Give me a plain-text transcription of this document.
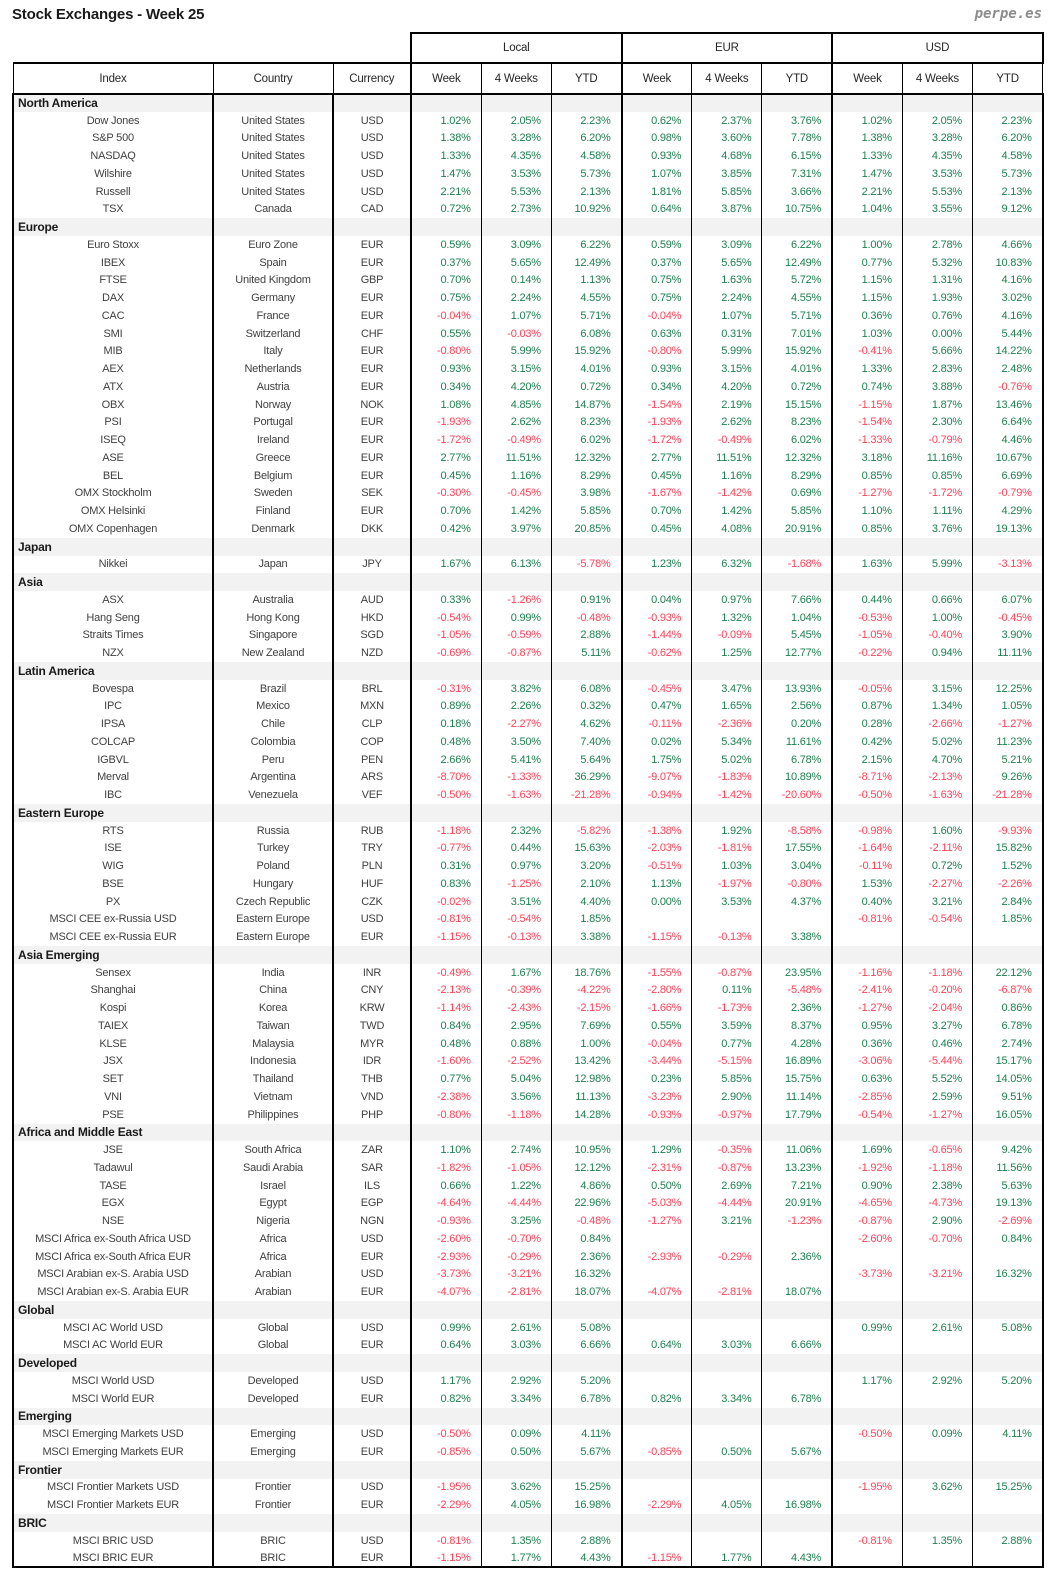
Stock Exchanges - Week 25	perpe.es
			Local			EUR			USD		
Index	Country	Currency	Week	4 Weeks	YTD	Week	4 Weeks	YTD	Week	4 Weeks	YTD
North America											
Dow Jones	United States	USD	1.02%	2.05%	2.23%	0.62%	2.37%	3.76%	1.02%	2.05%	2.23%
S&P 500	United States	USD	1.38%	3.28%	6.20%	0.98%	3.60%	7.78%	1.38%	3.28%	6.20%
NASDAQ	United States	USD	1.33%	4.35%	4.58%	0.93%	4.68%	6.15%	1.33%	4.35%	4.58%
Wilshire	United States	USD	1.47%	3.53%	5.73%	1.07%	3.85%	7.31%	1.47%	3.53%	5.73%
Russell	United States	USD	2.21%	5.53%	2.13%	1.81%	5.85%	3.66%	2.21%	5.53%	2.13%
TSX	Canada	CAD	0.72%	2.73%	10.92%	0.64%	3.87%	10.75%	1.04%	3.55%	9.12%
Europe											
Euro Stoxx	Euro Zone	EUR	0.59%	3.09%	6.22%	0.59%	3.09%	6.22%	1.00%	2.78%	4.66%
IBEX	Spain	EUR	0.37%	5.65%	12.49%	0.37%	5.65%	12.49%	0.77%	5.32%	10.83%
FTSE	United Kingdom	GBP	0.70%	0.14%	1.13%	0.75%	1.63%	5.72%	1.15%	1.31%	4.16%
DAX	Germany	EUR	0.75%	2.24%	4.55%	0.75%	2.24%	4.55%	1.15%	1.93%	3.02%
CAC	France	EUR	-0.04%	1.07%	5.71%	-0.04%	1.07%	5.71%	0.36%	0.76%	4.16%
SMI	Switzerland	CHF	0.55%	-0.03%	6.08%	0.63%	0.31%	7.01%	1.03%	0.00%	5.44%
MIB	Italy	EUR	-0.80%	5.99%	15.92%	-0.80%	5.99%	15.92%	-0.41%	5.66%	14.22%
AEX	Netherlands	EUR	0.93%	3.15%	4.01%	0.93%	3.15%	4.01%	1.33%	2.83%	2.48%
ATX	Austria	EUR	0.34%	4.20%	0.72%	0.34%	4.20%	0.72%	0.74%	3.88%	-0.76%
OBX	Norway	NOK	1.08%	4.85%	14.87%	-1.54%	2.19%	15.15%	-1.15%	1.87%	13.46%
PSI	Portugal	EUR	-1.93%	2.62%	8.23%	-1.93%	2.62%	8.23%	-1.54%	2.30%	6.64%
ISEQ	Ireland	EUR	-1.72%	-0.49%	6.02%	-1.72%	-0.49%	6.02%	-1.33%	-0.79%	4.46%
ASE	Greece	EUR	2.77%	11.51%	12.32%	2.77%	11.51%	12.32%	3.18%	11.16%	10.67%
BEL	Belgium	EUR	0.45%	1.16%	8.29%	0.45%	1.16%	8.29%	0.85%	0.85%	6.69%
OMX Stockholm	Sweden	SEK	-0.30%	-0.45%	3.98%	-1.67%	-1.42%	0.69%	-1.27%	-1.72%	-0.79%
OMX Helsinki	Finland	EUR	0.70%	1.42%	5.85%	0.70%	1.42%	5.85%	1.10%	1.11%	4.29%
OMX Copenhagen	Denmark	DKK	0.42%	3.97%	20.85%	0.45%	4.08%	20.91%	0.85%	3.76%	19.13%
Japan											
Nikkei	Japan	JPY	1.67%	6.13%	-5.78%	1.23%	6.32%	-1.68%	1.63%	5.99%	-3.13%
Asia											
ASX	Australia	AUD	0.33%	-1.26%	0.91%	0.04%	0.97%	7.66%	0.44%	0.66%	6.07%
Hang Seng	Hong Kong	HKD	-0.54%	0.99%	-0.48%	-0.93%	1.32%	1.04%	-0.53%	1.00%	-0.45%
Straits Times	Singapore	SGD	-1.05%	-0.59%	2.88%	-1.44%	-0.09%	5.45%	-1.05%	-0.40%	3.90%
NZX	New Zealand	NZD	-0.69%	-0.87%	5.11%	-0.62%	1.25%	12.77%	-0.22%	0.94%	11.11%
Latin America											
Bovespa	Brazil	BRL	-0.31%	3.82%	6.08%	-0.45%	3.47%	13.93%	-0.05%	3.15%	12.25%
IPC	Mexico	MXN	0.89%	2.26%	0.32%	0.47%	1.65%	2.56%	0.87%	1.34%	1.05%
IPSA	Chile	CLP	0.18%	-2.27%	4.62%	-0.11%	-2.36%	0.20%	0.28%	-2.66%	-1.27%
COLCAP	Colombia	COP	0.48%	3.50%	7.40%	0.02%	5.34%	11.61%	0.42%	5.02%	11.23%
IGBVL	Peru	PEN	2.66%	5.41%	5.64%	1.75%	5.02%	6.78%	2.15%	4.70%	5.21%
Merval	Argentina	ARS	-8.70%	-1.33%	36.29%	-9.07%	-1.83%	10.89%	-8.71%	-2.13%	9.26%
IBC	Venezuela	VEF	-0.50%	-1.63%	-21.28%	-0.94%	-1.42%	-20.60%	-0.50%	-1.63%	-21.28%
Eastern Europe											
RTS	Russia	RUB	-1.18%	2.32%	-5.82%	-1.38%	1.92%	-8.58%	-0.98%	1.60%	-9.93%
ISE	Turkey	TRY	-0.77%	0.44%	15.63%	-2.03%	-1.81%	17.55%	-1.64%	-2.11%	15.82%
WIG	Poland	PLN	0.31%	0.97%	3.20%	-0.51%	1.03%	3.04%	-0.11%	0.72%	1.52%
BSE	Hungary	HUF	0.83%	-1.25%	2.10%	1.13%	-1.97%	-0.80%	1.53%	-2.27%	-2.26%
PX	Czech Republic	CZK	-0.02%	3.51%	4.40%	0.00%	3.53%	4.37%	0.40%	3.21%	2.84%
MSCI CEE ex-Russia USD	Eastern Europe	USD	-0.81%	-0.54%	1.85%				-0.81%	-0.54%	1.85%
MSCI CEE ex-Russia EUR	Eastern Europe	EUR	-1.15%	-0.13%	3.38%	-1.15%	-0.13%	3.38%			
Asia Emerging											
Sensex	India	INR	-0.49%	1.67%	18.76%	-1.55%	-0.87%	23.95%	-1.16%	-1.18%	22.12%
Shanghai	China	CNY	-2.13%	-0.39%	-4.22%	-2.80%	0.11%	-5.48%	-2.41%	-0.20%	-6.87%
Kospi	Korea	KRW	-1.14%	-2.43%	-2.15%	-1.66%	-1.73%	2.36%	-1.27%	-2.04%	0.86%
TAIEX	Taiwan	TWD	0.84%	2.95%	7.69%	0.55%	3.59%	8.37%	0.95%	3.27%	6.78%
KLSE	Malaysia	MYR	0.48%	0.88%	1.00%	-0.04%	0.77%	4.28%	0.36%	0.46%	2.74%
JSX	Indonesia	IDR	-1.60%	-2.52%	13.42%	-3.44%	-5.15%	16.89%	-3.06%	-5.44%	15.17%
SET	Thailand	THB	0.77%	5.04%	12.98%	0.23%	5.85%	15.75%	0.63%	5.52%	14.05%
VNI	Vietnam	VND	-2.38%	3.56%	11.13%	-3.23%	2.90%	11.14%	-2.85%	2.59%	9.51%
PSE	Philippines	PHP	-0.80%	-1.18%	14.28%	-0.93%	-0.97%	17.79%	-0.54%	-1.27%	16.05%
Africa and Middle East											
JSE	South Africa	ZAR	1.10%	2.74%	10.95%	1.29%	-0.35%	11.06%	1.69%	-0.65%	9.42%
Tadawul	Saudi Arabia	SAR	-1.82%	-1.05%	12.12%	-2.31%	-0.87%	13.23%	-1.92%	-1.18%	11.56%
TASE	Israel	ILS	0.66%	1.22%	4.86%	0.50%	2.69%	7.21%	0.90%	2.38%	5.63%
EGX	Egypt	EGP	-4.64%	-4.44%	22.96%	-5.03%	-4.44%	20.91%	-4.65%	-4.73%	19.13%
NSE	Nigeria	NGN	-0.93%	3.25%	-0.48%	-1.27%	3.21%	-1.23%	-0.87%	2.90%	-2.69%
MSCI Africa ex-South Africa USD	Africa	USD	-2.60%	-0.70%	0.84%				-2.60%	-0.70%	0.84%
MSCI Africa ex-South Africa EUR	Africa	EUR	-2.93%	-0.29%	2.36%	-2.93%	-0.29%	2.36%			
MSCI Arabian ex-S. Arabia USD	Arabian	USD	-3.73%	-3.21%	16.32%				-3.73%	-3.21%	16.32%
MSCI Arabian ex-S. Arabia EUR	Arabian	EUR	-4.07%	-2.81%	18.07%	-4.07%	-2.81%	18.07%			
Global											
MSCI AC World USD	Global	USD	0.99%	2.61%	5.08%				0.99%	2.61%	5.08%
MSCI AC World EUR	Global	EUR	0.64%	3.03%	6.66%	0.64%	3.03%	6.66%			
Developed											
MSCI World USD	Developed	USD	1.17%	2.92%	5.20%				1.17%	2.92%	5.20%
MSCI World EUR	Developed	EUR	0.82%	3.34%	6.78%	0.82%	3.34%	6.78%			
Emerging											
MSCI Emerging Markets USD	Emerging	USD	-0.50%	0.09%	4.11%				-0.50%	0.09%	4.11%
MSCI Emerging Markets EUR	Emerging	EUR	-0.85%	0.50%	5.67%	-0.85%	0.50%	5.67%			
Frontier											
MSCI Frontier Markets USD	Frontier	USD	-1.95%	3.62%	15.25%				-1.95%	3.62%	15.25%
MSCI Frontier Markets EUR	Frontier	EUR	-2.29%	4.05%	16.98%	-2.29%	4.05%	16.98%			
BRIC											
MSCI BRIC USD	BRIC	USD	-0.81%	1.35%	2.88%				-0.81%	1.35%	2.88%
MSCI BRIC EUR	BRIC	EUR	-1.15%	1.77%	4.43%	-1.15%	1.77%	4.43%			
